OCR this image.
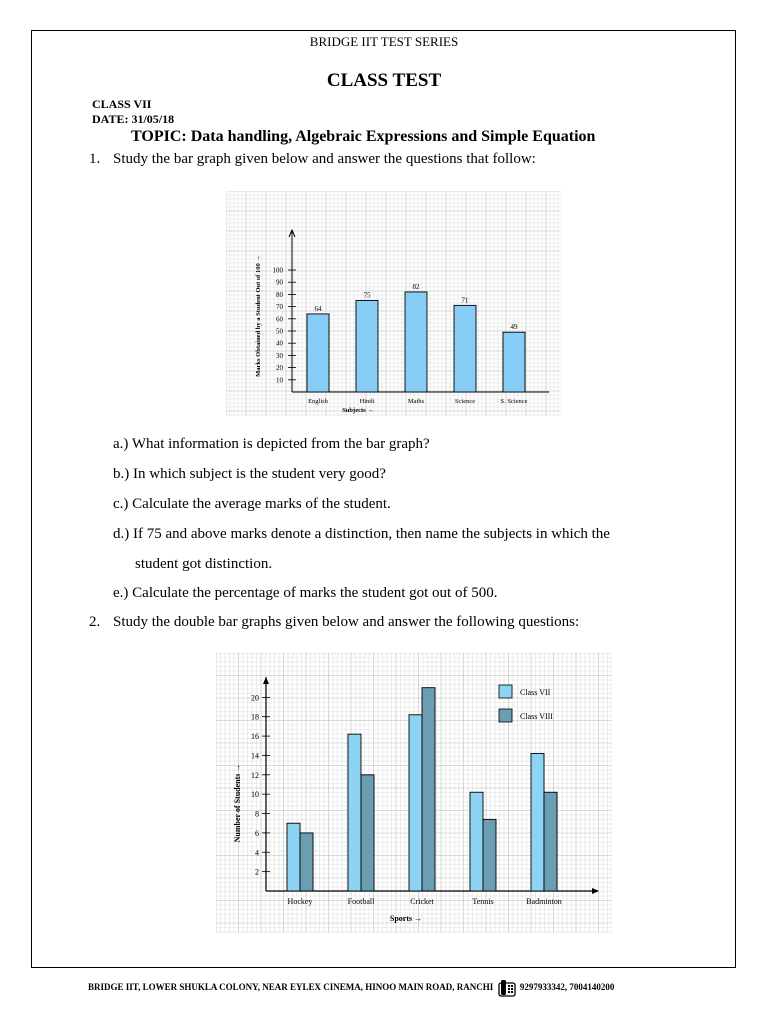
BRIDGE IIT TEST SERIES
CLASS TEST
CLASS VII
DATE: 31/05/18
TOPIC: Data handling, Algebraic Expressions and Simple Equation
1. Study the bar graph given below and answer the questions that follow:
10
20
30
40
50
60
70
80
90
100
64
English
75
Hindi
82
Maths
71
Science
49
S. Science
Subjects →
Marks Obtained by a Student Out of 100 →
a.) What information is depicted from the bar graph?
b.) In which subject is the student very good?
c.) Calculate the average marks of the student.
d.) If 75 and above marks denote a distinction, then name the subjects in which the
student got distinction.
e.) Calculate the percentage of marks the student got out of 500.
2. Study the double bar graphs given below and answer the following questions:
2
4
6
8
10
12
14
16
18
20
Hockey	Football	Cricket	Tennis	Badminton
Sports →
Number of Students →
Class VII
Class VIII
BRIDGE IIT, LOWER SHUKLA COLONY, NEAR EYLEX CINEMA, HINOO MAIN ROAD, RANCHI	9297933342, 7004140200
